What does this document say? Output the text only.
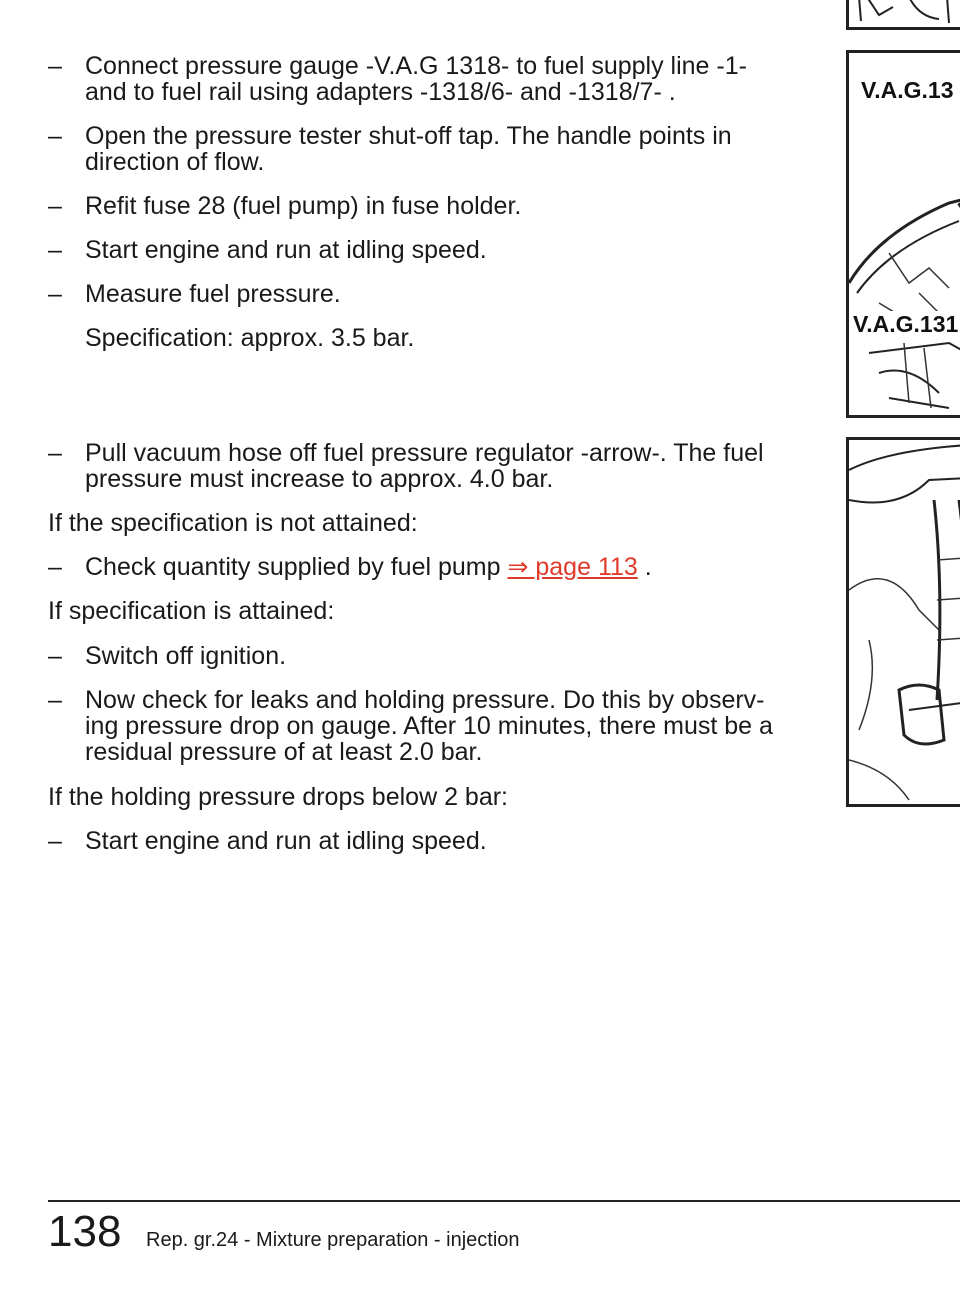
– Connect pressure gauge -V.A.G 1318- to fuel supply line -1- and to fuel rail using adapters -1318/6- and -1318/7- .
– Open the pressure tester shut-off tap. The handle points in direction of flow.
– Refit fuse 28 (fuel pump) in fuse holder.
– Start engine and run at idling speed.
– Measure fuel pressure.
Specification: approx. 3.5 bar.
– Pull vacuum hose off fuel pressure regulator -arrow-. The fuel pressure must increase to approx. 4.0 bar.
If the specification is not attained:
– Check quantity supplied by fuel pump ⇒ page 113 .
If specification is attained:
– Switch off ignition.
– Now check for leaks and holding pressure. Do this by observ-ing pressure drop on gauge. After 10 minutes, there must be a residual pressure of at least 2.0 bar.
If the holding pressure drops below 2 bar:
– Start engine and run at idling speed.
V.A.G.13
V.A.G.131
138 Rep. gr.24 - Mixture preparation - injection
